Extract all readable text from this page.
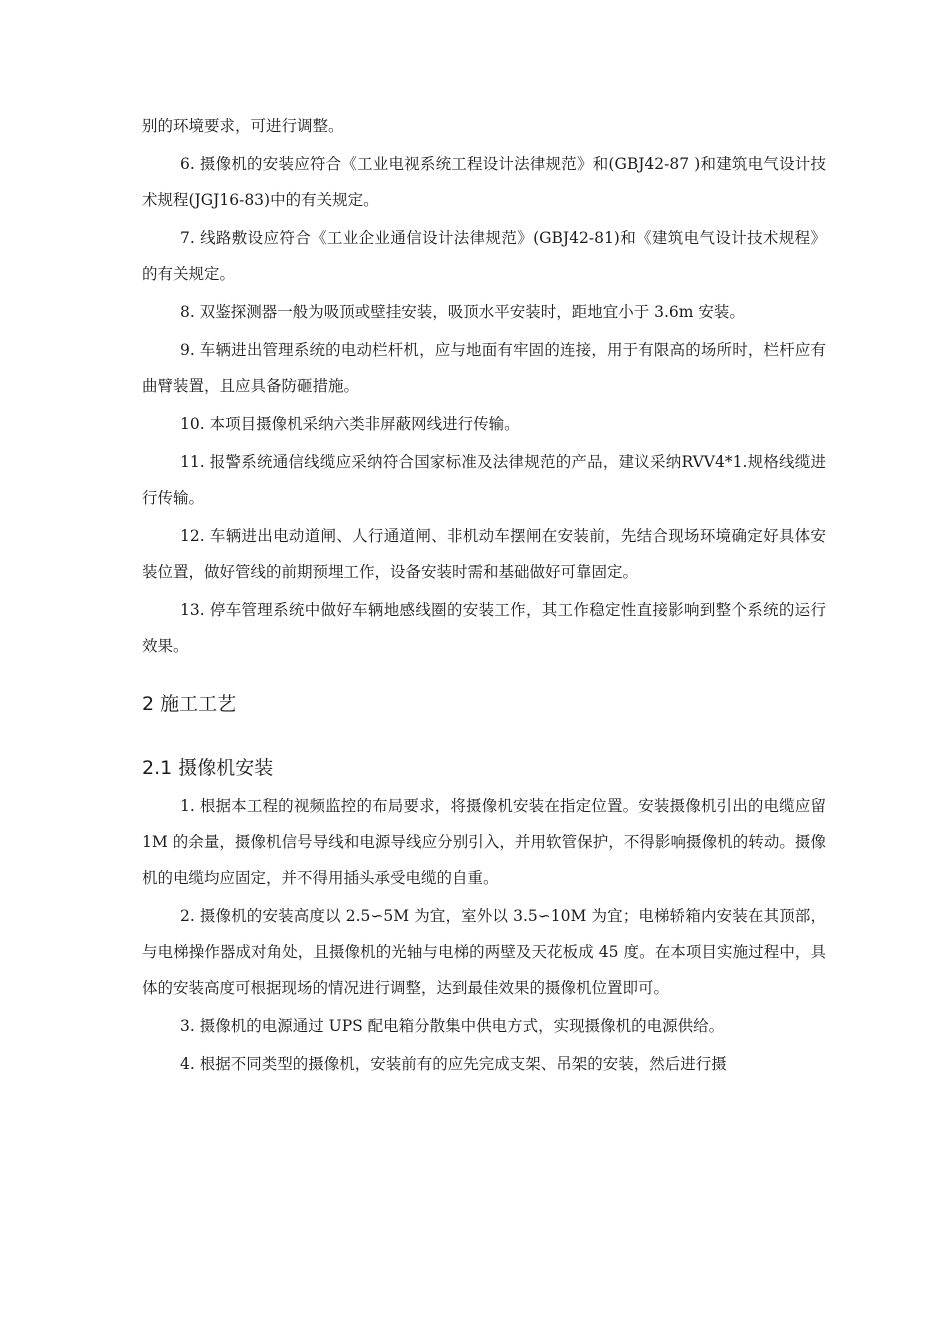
别的环境要求，可进行调整。

6. 摄像机的安装应符合《工业电视系统工程设计法律规范》和(GBJ42-87 )和建筑电气设计技术规程(JGJ16-83)中的有关规定。

7. 线路敷设应符合《工业企业通信设计法律规范》(GBJ42-81)和《建筑电气设计技术规程》的有关规定。

8. 双鉴探测器一般为吸顶或壁挂安装，吸顶水平安装时，距地宜小于 3.6m 安装。

9. 车辆进出管理系统的电动栏杆机，应与地面有牢固的连接，用于有限高的场所时，栏杆应有曲臂装置，且应具备防砸措施。

10. 本项目摄像机采纳六类非屏蔽网线进行传输。

11. 报警系统通信线缆应采纳符合国家标准及法律规范的产品，建议采纳RVV4*1.规格线缆进行传输。

12. 车辆进出电动道闸、人行通道闸、非机动车摆闸在安装前，先结合现场环境确定好具体安装位置，做好管线的前期预埋工作，设备安装时需和基础做好可靠固定。

13. 停车管理系统中做好车辆地感线圈的安装工作，其工作稳定性直接影响到整个系统的运行效果。

2 施工工艺
2.1 摄像机安装

1. 根据本工程的视频监控的布局要求，将摄像机安装在指定位置。安装摄像机引出的电缆应留 1M 的余量，摄像机信号导线和电源导线应分别引入，并用软管保护，不得影响摄像机的转动。摄像机的电缆均应固定，并不得用插头承受电缆的自重。

2. 摄像机的安装高度以 2.5∽5M 为宜，室外以 3.5∽10M 为宜；电梯轿箱内安装在其顶部，与电梯操作器成对角处，且摄像机的光轴与电梯的两壁及天花板成 45 度。在本项目实施过程中，具体的安装高度可根据现场的情况进行调整，达到最佳效果的摄像机位置即可。

3. 摄像机的电源通过 UPS 配电箱分散集中供电方式，实现摄像机的电源供给。

4. 根据不同类型的摄像机，安装前有的应先完成支架、吊架的安装，然后进行摄
